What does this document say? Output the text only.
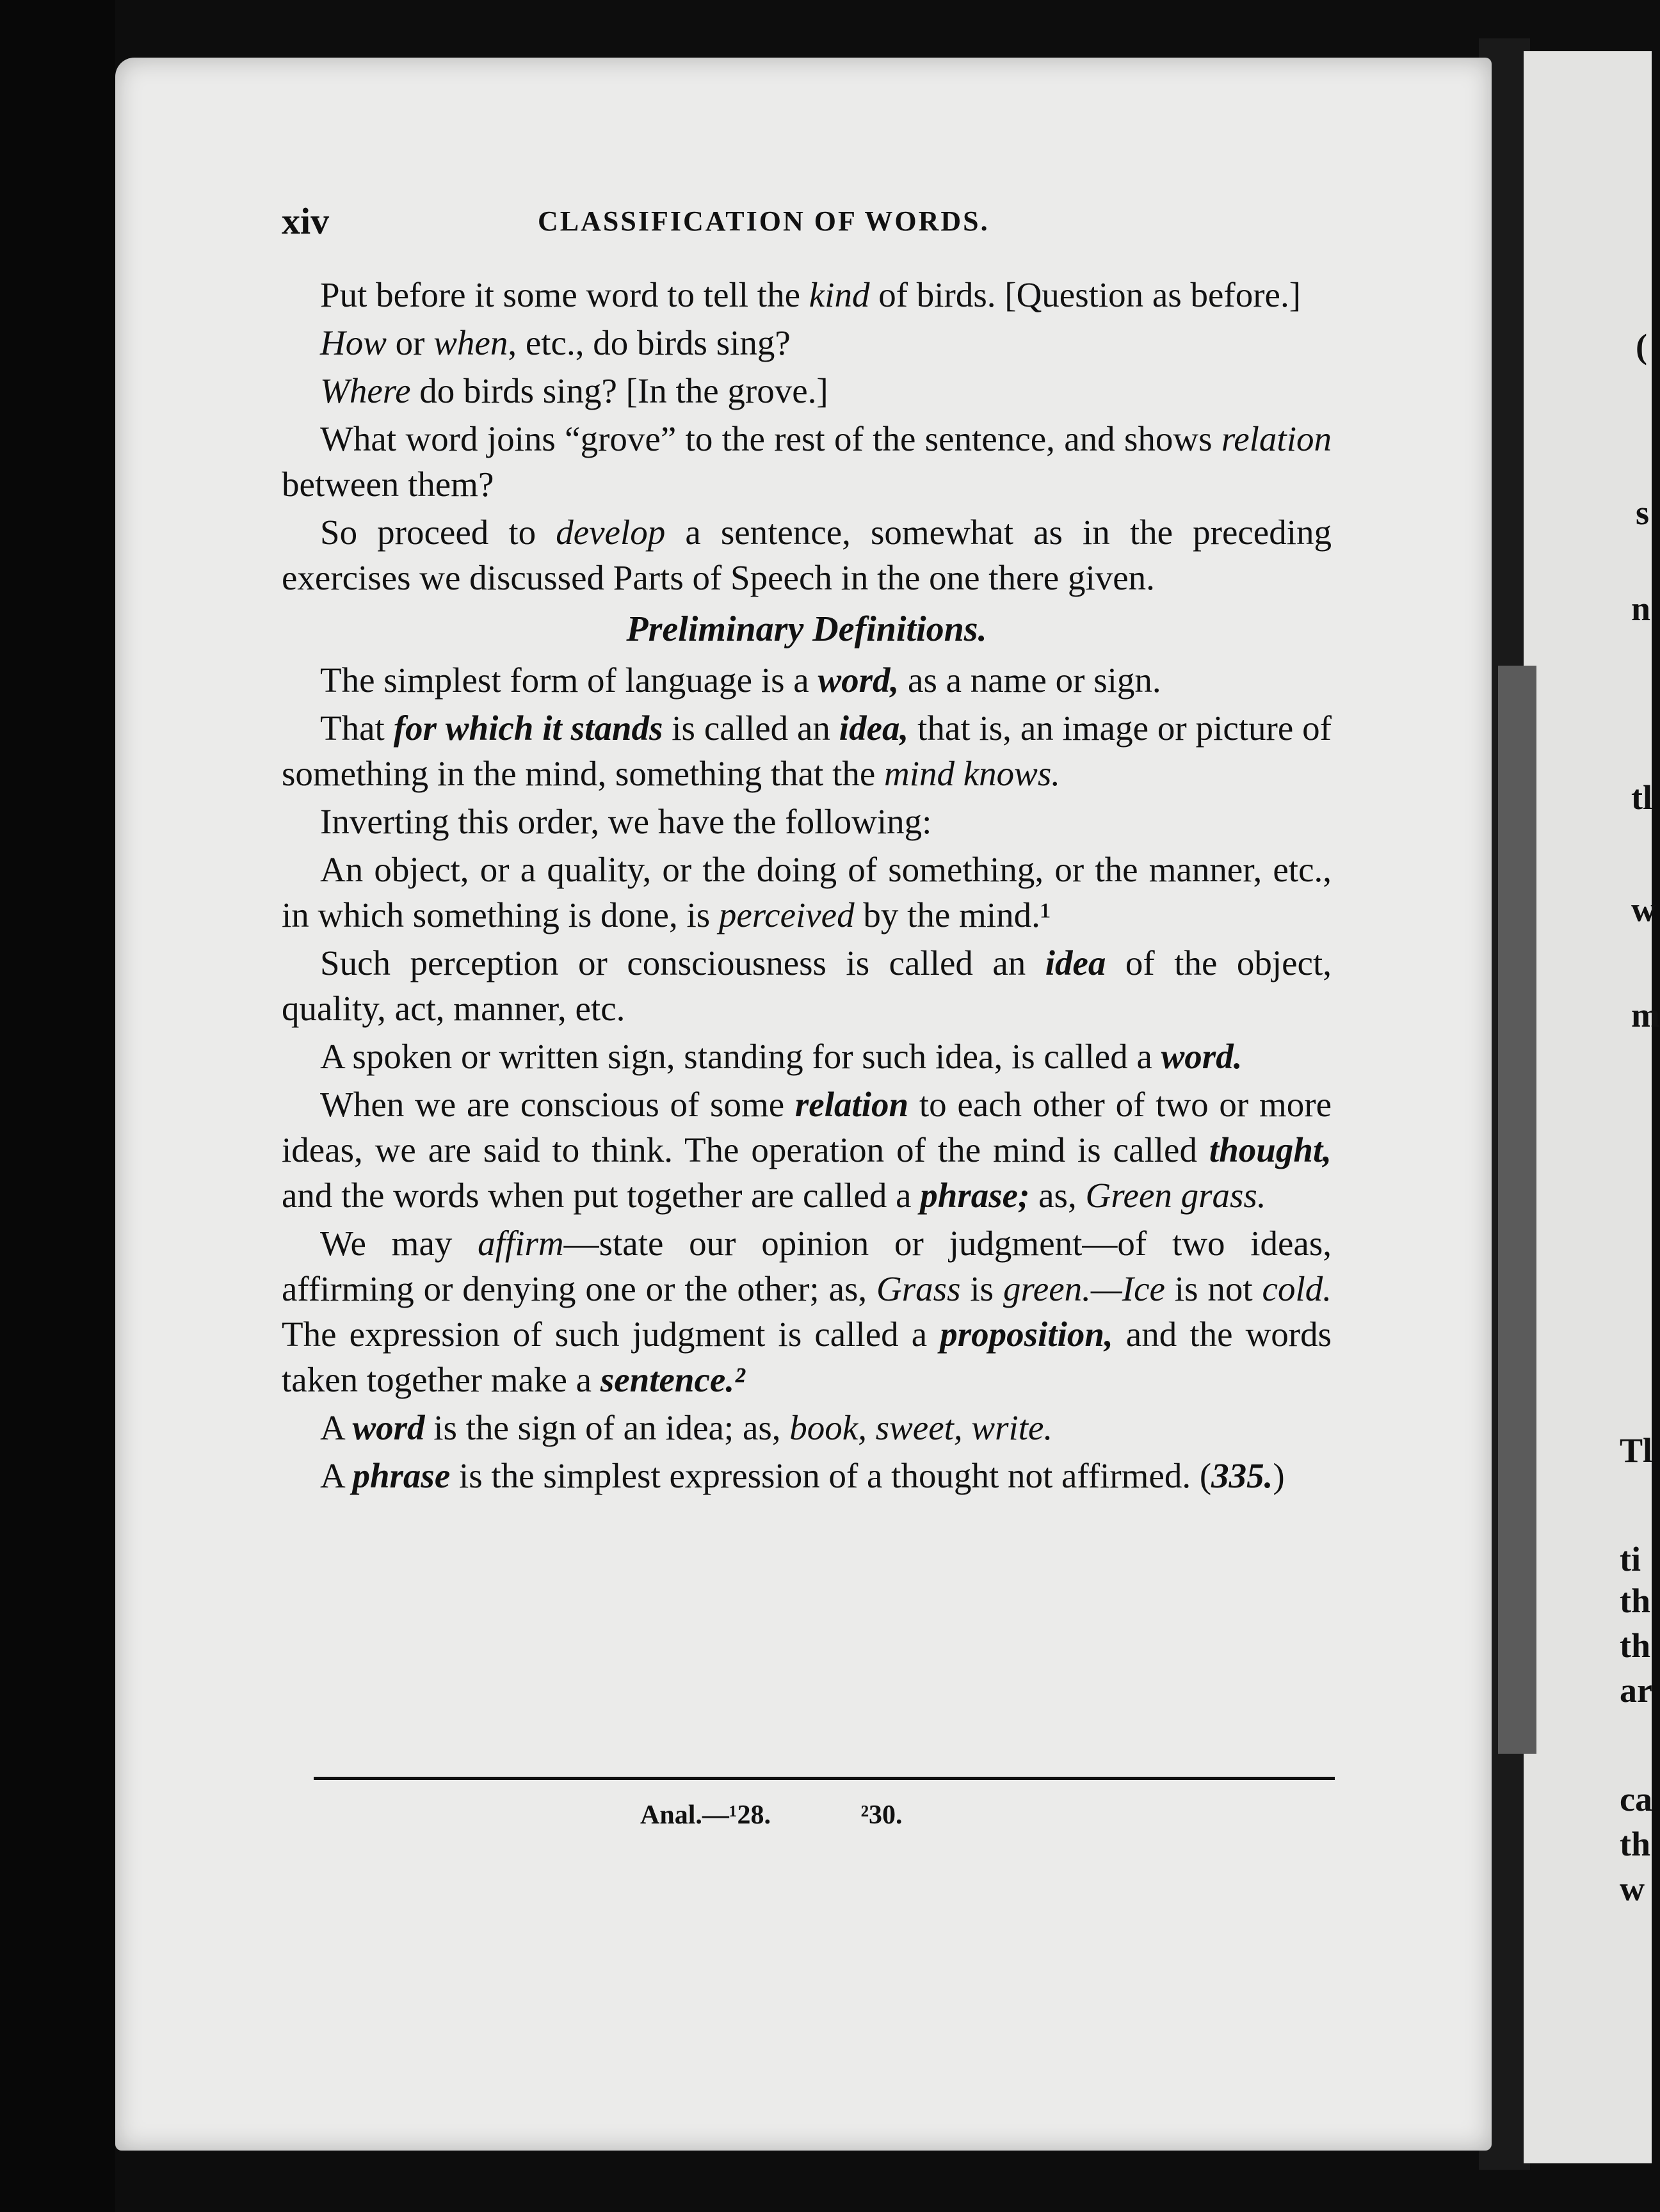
xiv	CLASSIFICATION OF WORDS.

Put before it some word to tell the kind of birds. [Question as before.]

How or when, etc., do birds sing?

Where do birds sing? [In the grove.]

What word joins “grove” to the rest of the sentence, and shows relation between them?

So proceed to develop a sentence, somewhat as in the preceding exercises we discussed Parts of Speech in the one there given.

Preliminary Definitions.

The simplest form of language is a word, as a name or sign.

That for which it stands is called an idea, that is, an image or picture of something in the mind, something that the mind knows.

Inverting this order, we have the following:

An object, or a quality, or the doing of something, or the manner, etc., in which something is done, is perceived by the mind.¹

Such perception or consciousness is called an idea of the object, quality, act, manner, etc.

A spoken or written sign, standing for such idea, is called a word.

When we are conscious of some relation to each other of two or more ideas, we are said to think. The operation of the mind is called thought, and the words when put together are called a phrase; as, Green grass.

We may affirm—state our opinion or judgment—of two ideas, affirming or denying one or the other; as, Grass is green.—Ice is not cold. The expression of such judgment is called a proposition, and the words taken together make a sentence.²

A word is the sign of an idea; as, book, sweet, write.

A phrase is the simplest expression of a thought not affirmed. (335.)

Anal.—¹28.	²30.
(
s
n
tl
w
m
Tl
ti
th
th
ar
ca
th
w
